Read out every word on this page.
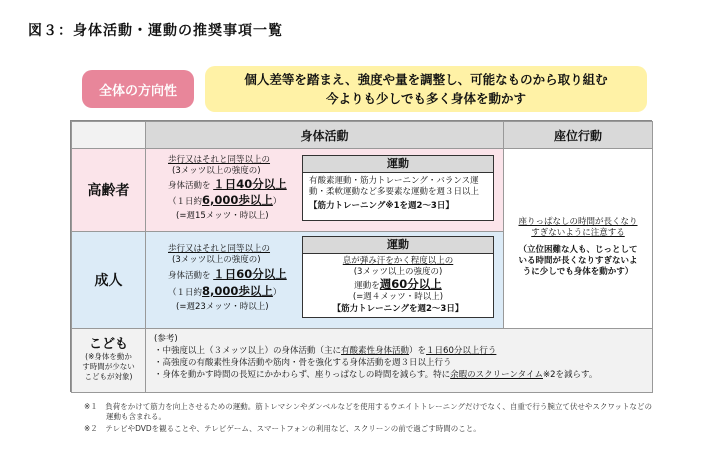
図３：身体活動・運動の推奨事項一覧
全体の方向性
個人差等を踏まえ、強度や量を調整し、可能なものから取り組む
今よりも少しでも多く身体を動かす
身体活動	座位行動
高齢者
歩行又はそれと同等以上の
(3メッツ以上の強度の)
身体活動を １日40分以上
（１日約6,000歩以上）
(=週15メッツ・時以上)
運動
有酸素運動・筋力トレーニング・バランス運
動・柔軟運動など多要素な運動を週３日以上
【筋力トレーニング※1を週2～3日】
成人
歩行又はそれと同等以上の
(3メッツ以上の強度の)
身体活動を １日60分以上
（１日約8,000歩以上）
(=週23メッツ・時以上)
運動
息が弾み汗をかく程度以上の
(3メッツ以上の強度の)
運動を週60分以上
(=週４メッツ・時以上)
【筋力トレーニングを週2～3日】
座りっぱなしの時間が長くなり
すぎないように注意する
（立位困難な人も、じっとして
いる時間が長くなりすぎないよ
うに少しでも身体を動かす）
こども
(※身体を動か
す時間が少ない
こどもが対象)
(参考)
・中強度以上（３メッツ以上）の身体活動（主に有酸素性身体活動）を１日60分以上行う
・高強度の有酸素性身体活動や筋肉・骨を強化する身体活動を週３日以上行う
・身体を動かす時間の長短にかかわらず、座りっぱなしの時間を減らす。特に余暇のスクリーンタイム※2を減らす。
※１　負荷をかけて筋力を向上させるための運動。筋トレマシンやダンベルなどを使用するウエイトトレーニングだけでなく、自重で行う腕立て伏せやスクワットなどの
運動も含まれる。
※２　テレビやDVDを観ることや、テレビゲーム、スマートフォンの利用など、スクリーンの前で過ごす時間のこと。
